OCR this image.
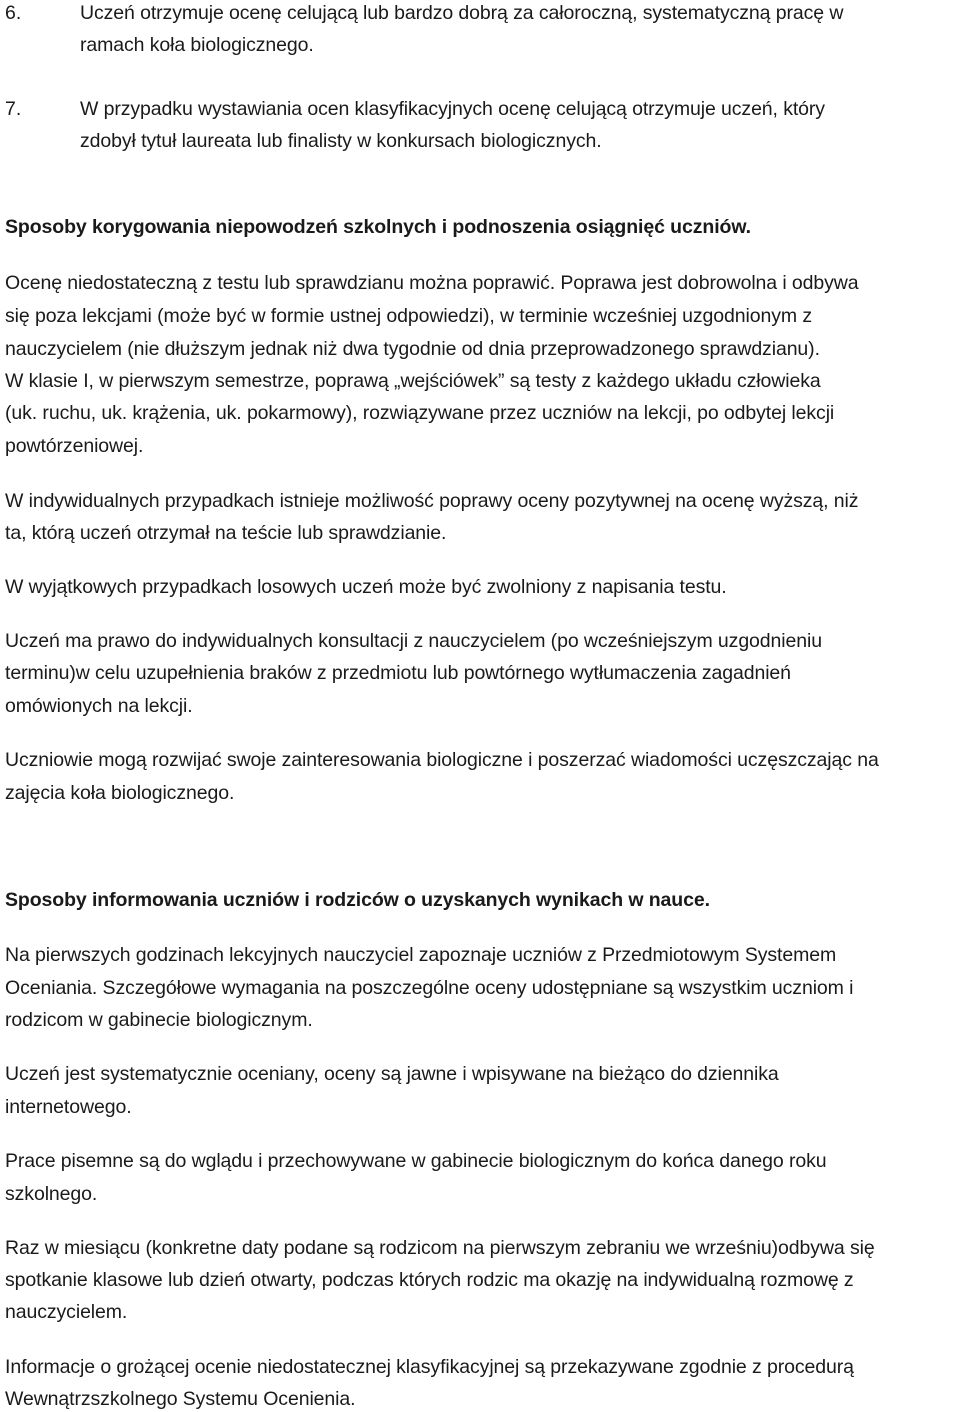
6.	Uczeń otrzymuje ocenę celującą lub bardzo dobrą za całoroczną, systematyczną pracę w
ramach koła biologicznego.
7.	W przypadku wystawiania ocen klasyfikacyjnych ocenę celującą otrzymuje uczeń, który
zdobył tytuł laureata lub finalisty w konkursach biologicznych.
Sposoby korygowania niepowodzeń szkolnych i podnoszenia osiągnięć uczniów.
Ocenę niedostateczną z testu lub sprawdzianu można poprawić. Poprawa jest dobrowolna i odbywa
się poza lekcjami (może być w formie ustnej odpowiedzi), w terminie wcześniej uzgodnionym z
nauczycielem (nie dłuższym jednak niż dwa tygodnie od dnia przeprowadzonego sprawdzianu).
W klasie I, w pierwszym semestrze, poprawą „wejściówek” są testy z każdego układu człowieka
(uk. ruchu, uk. krążenia, uk. pokarmowy), rozwiązywane przez uczniów na lekcji, po odbytej lekcji
powtórzeniowej.
W indywidualnych przypadkach istnieje możliwość poprawy oceny pozytywnej na ocenę wyższą, niż
ta, którą uczeń otrzymał na teście lub sprawdzianie.
W wyjątkowych przypadkach losowych uczeń może być zwolniony z napisania testu.
Uczeń ma prawo do indywidualnych konsultacji z nauczycielem (po wcześniejszym uzgodnieniu
terminu)w celu uzupełnienia braków z przedmiotu lub powtórnego wytłumaczenia zagadnień
omówionych na lekcji.
Uczniowie mogą rozwijać swoje zainteresowania biologiczne i poszerzać wiadomości uczęszczając na
zajęcia koła biologicznego.
Sposoby informowania uczniów i rodziców o uzyskanych wynikach w nauce.
Na pierwszych godzinach lekcyjnych nauczyciel zapoznaje uczniów z Przedmiotowym Systemem
Oceniania. Szczegółowe wymagania na poszczególne oceny udostępniane są wszystkim uczniom i
rodzicom w gabinecie biologicznym.
Uczeń jest systematycznie oceniany, oceny są jawne i wpisywane na bieżąco do dziennika
internetowego.
Prace pisemne są do wglądu i przechowywane w gabinecie biologicznym do końca danego roku
szkolnego.
Raz w miesiącu (konkretne daty podane są rodzicom na pierwszym zebraniu we wrześniu)odbywa się
spotkanie klasowe lub dzień otwarty, podczas których rodzic ma okazję na indywidualną rozmowę z
nauczycielem.
Informacje o grożącej ocenie niedostatecznej klasyfikacyjnej są przekazywane zgodnie z procedurą
Wewnątrzszkolnego Systemu Ocenienia.
